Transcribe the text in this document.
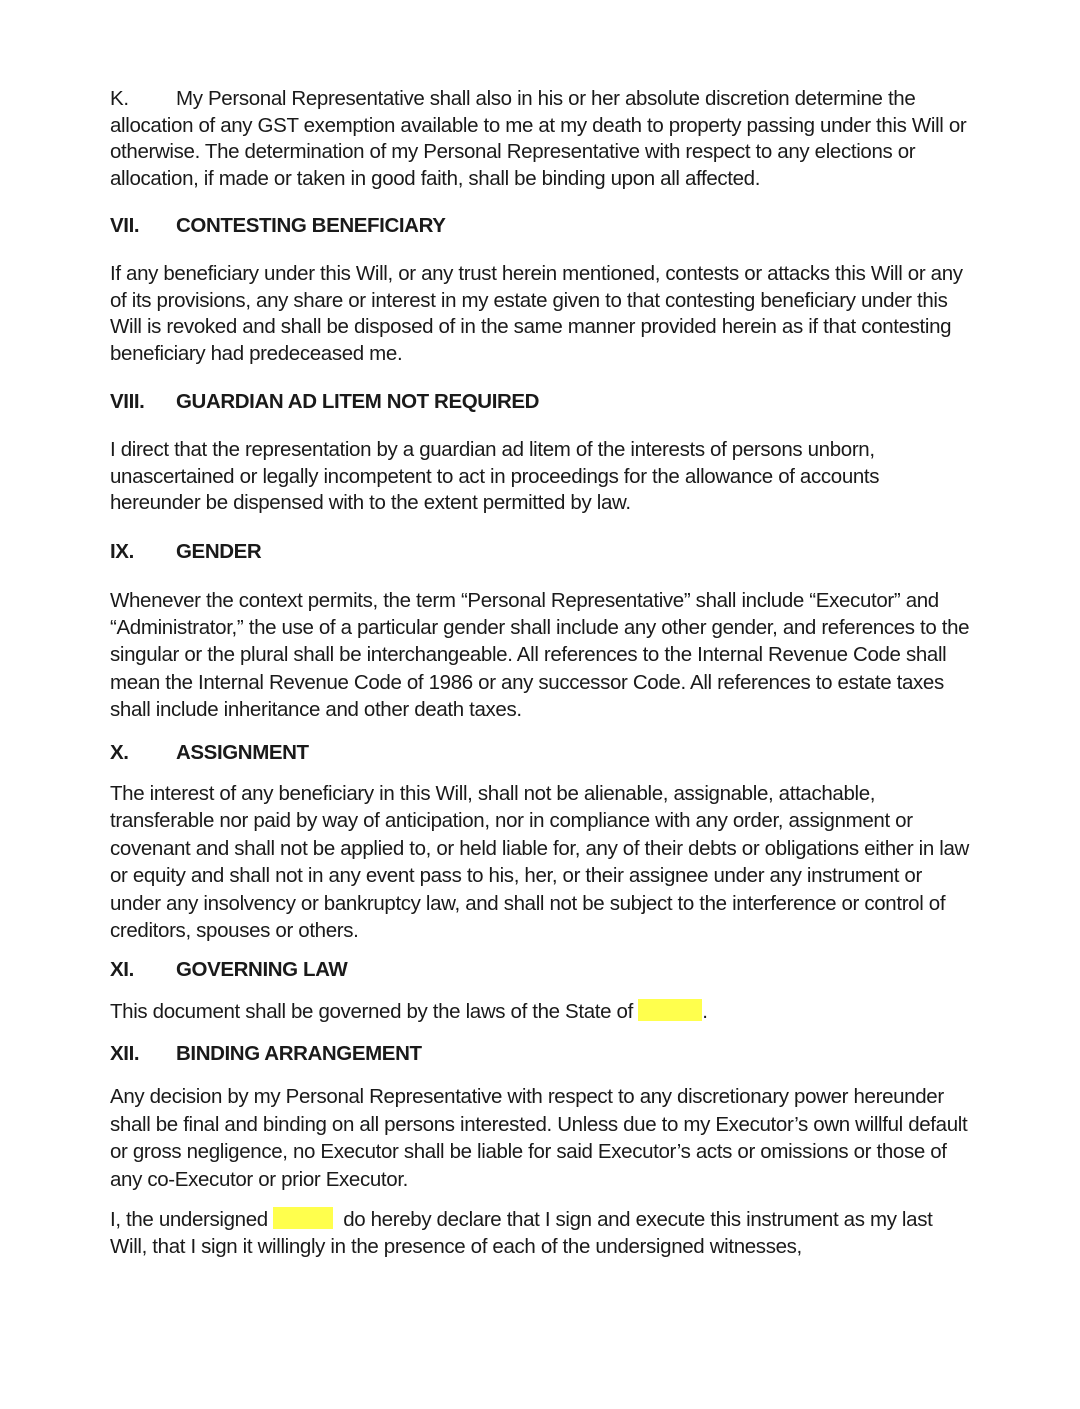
K. My Personal Representative shall also in his or her absolute discretion determine the allocation of any GST exemption available to me at my death to property passing under this Will or otherwise. The determination of my Personal Representative with respect to any elections or allocation, if made or taken in good faith, shall be binding upon all affected.

VII.	CONTESTING BENEFICIARY

If any beneficiary under this Will, or any trust herein mentioned, contests or attacks this Will or any of its provisions, any share or interest in my estate given to that contesting beneficiary under this Will is revoked and shall be disposed of in the same manner provided herein as if that contesting beneficiary had predeceased me.

VIII.	GUARDIAN AD LITEM NOT REQUIRED

I direct that the representation by a guardian ad litem of the interests of persons unborn, unascertained or legally incompetent to act in proceedings for the allowance of accounts hereunder be dispensed with to the extent permitted by law.

IX.	GENDER

Whenever the context permits, the term “Personal Representative” shall include “Executor” and “Administrator,” the use of a particular gender shall include any other gender, and references to the singular or the plural shall be interchangeable. All references to the Internal Revenue Code shall mean the Internal Revenue Code of 1986 or any successor Code. All references to estate taxes shall include inheritance and other death taxes.

X.	ASSIGNMENT

The interest of any beneficiary in this Will, shall not be alienable, assignable, attachable, transferable nor paid by way of anticipation, nor in compliance with any order, assignment or covenant and shall not be applied to, or held liable for, any of their debts or obligations either in law or equity and shall not in any event pass to his, her, or their assignee under any instrument or under any insolvency or bankruptcy law, and shall not be subject to the interference or control of creditors, spouses or others.

XI.	GOVERNING LAW

This document shall be governed by the laws of the State of	.

XII.	BINDING ARRANGEMENT

Any decision by my Personal Representative with respect to any discretionary power hereunder shall be final and binding on all persons interested. Unless due to my Executor’s own willful default or gross negligence, no Executor shall be liable for said Executor’s acts or omissions or those of any co-Executor or prior Executor.

I, the undersigned	do hereby declare that I sign and execute this instrument as my last Will, that I sign it willingly in the presence of each of the undersigned witnesses,
